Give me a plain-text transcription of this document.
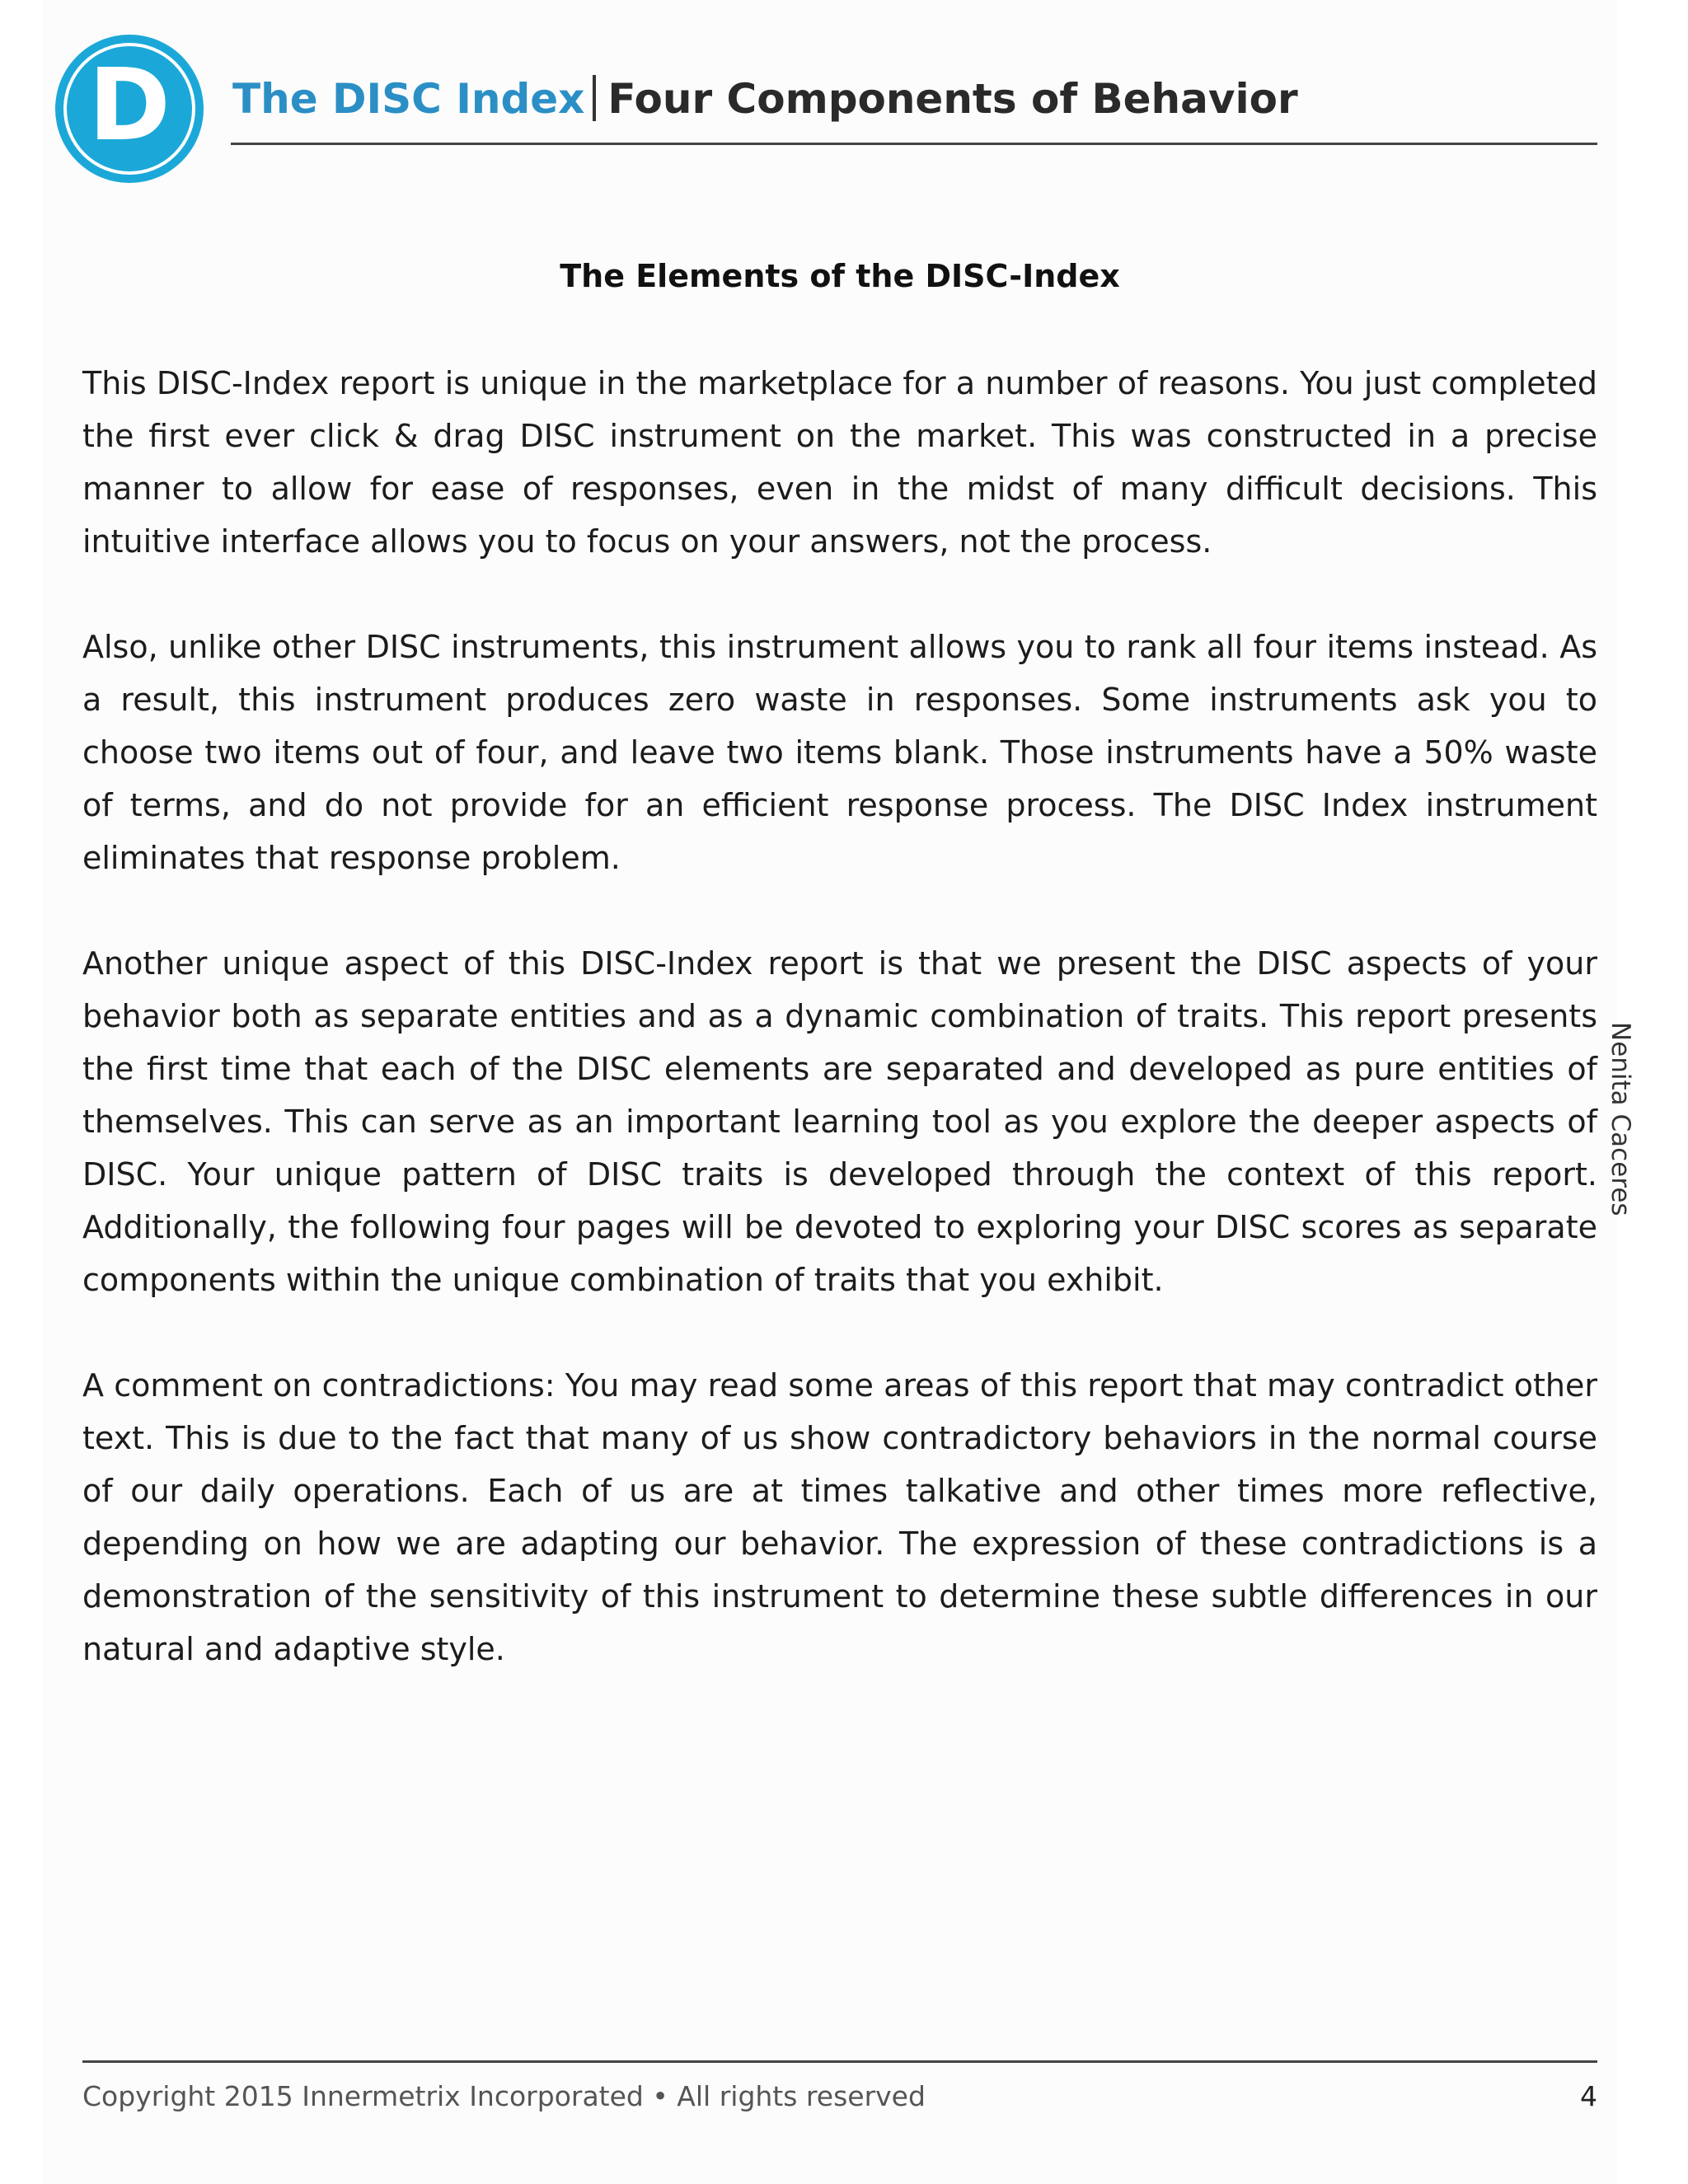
D The DISC Index Four Components of Behavior
The Elements of the DISC-Index

This DISC-Index report is unique in the marketplace for a number of reasons. You just completed the first ever click & drag DISC instrument on the market. This was constructed in a precise manner to allow for ease of responses, even in the midst of many difficult decisions. This intuitive interface allows you to focus on your answers, not the process.

Also, unlike other DISC instruments, this instrument allows you to rank all four items instead. As a result, this instrument produces zero waste in responses. Some instruments ask you to choose two items out of four, and leave two items blank. Those instruments have a 50% waste of terms, and do not provide for an efficient response process. The DISC Index instrument eliminates that response problem.

Another unique aspect of this DISC-Index report is that we present the DISC aspects of your behavior both as separate entities and as a dynamic combination of traits. This report presents the first time that each of the DISC elements are separated and developed as pure entities of themselves. This can serve as an important learning tool as you explore the deeper aspects of DISC. Your unique pattern of DISC traits is developed through the context of this report. Additionally, the following four pages will be devoted to exploring your DISC scores as separate components within the unique combination of traits that you exhibit.

A comment on contradictions: You may read some areas of this report that may contradict other text. This is due to the fact that many of us show contradictory behaviors in the normal course of our daily operations. Each of us are at times talkative and other times more reflective, depending on how we are adapting our behavior. The expression of these contradictions is a demonstration of the sensitivity of this instrument to determine these subtle differences in our natural and adaptive style.

Nenita Caceres
Copyright 2015 Innermetrix Incorporated • All rights reserved	4
